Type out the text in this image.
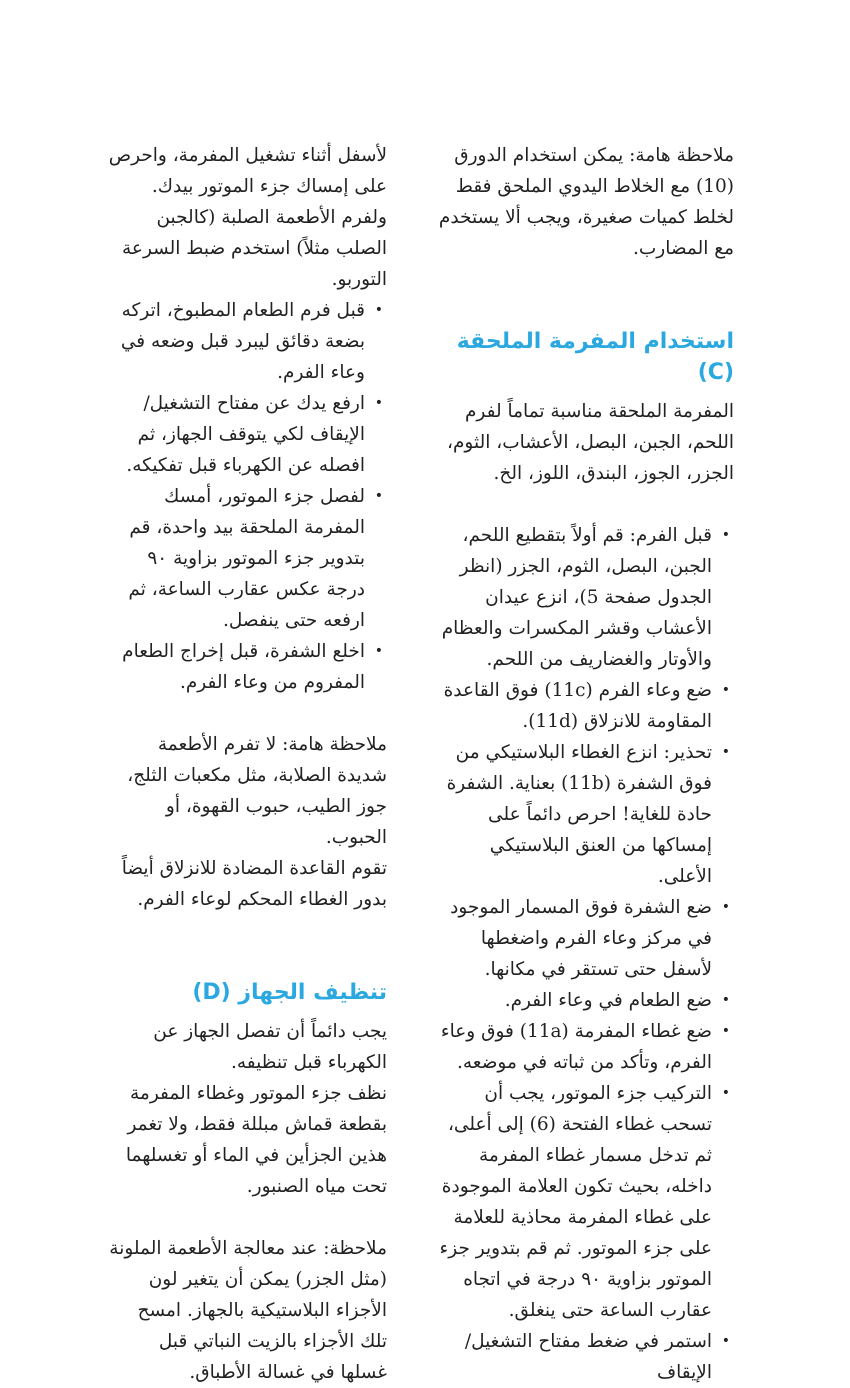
ملاحظة هامة: يمكن استخدام الدورق (10) مع الخلاط اليدوي الملحق فقط لخلط كميات صغيرة، ويجب ألا يستخدم مع المضارب.

استخدام المفرمة الملحقة (C)

المفرمة الملحقة مناسبة تماماً لفرم اللحم، الجبن، البصل، الأعشاب، الثوم، الجزر، الجوز، البندق، اللوز، الخ.

•
قبل الفرم: قم أولاً بتقطيع اللحم، الجبن، البصل، الثوم، الجزر (انظر الجدول صفحة 5)، انزع عيدان الأعشاب وقشر المكسرات والعظام والأوتار والغضاريف من اللحم.
•
ضع وعاء الفرم (11c) فوق القاعدة المقاومة للانزلاق (11d).
•
تحذير: انزع الغطاء البلاستيكي من فوق الشفرة (11b) بعناية. الشفرة حادة للغاية! احرص دائماً على إمساكها من العنق البلاستيكي الأعلى.
•
ضع الشفرة فوق المسمار الموجود في مركز وعاء الفرم واضغطها لأسفل حتى تستقر في مكانها.
•
ضع الطعام في وعاء الفرم.
•
ضع غطاء المفرمة (11a) فوق وعاء الفرم، وتأكد من ثباته في موضعه.
•
التركيب جزء الموتور، يجب أن تسحب غطاء الفتحة (6) إلى أعلى، ثم تدخل مسمار غطاء المفرمة داخله، بحيث تكون العلامة الموجودة على غطاء المفرمة محاذية للعلامة على جزء الموتور. ثم قم بتدوير جزء الموتور بزاوية ٩٠ درجة في اتجاه عقارب الساعة حتى ينغلق.
•
استمر في ضغط مفتاح التشغيل/الإيقاف

لأسفل أثناء تشغيل المفرمة، واحرص على إمساك جزء الموتور بيدك. ولفرم الأطعمة الصلبة (كالجبن الصلب مثلاً) استخدم ضبط السرعة التوربو.

•
قبل فرم الطعام المطبوخ، اتركه بضعة دقائق ليبرد قبل وضعه في وعاء الفرم.
•
ارفع يدك عن مفتاح التشغيل/الإيقاف لكي يتوقف الجهاز، ثم افصله عن الكهرباء قبل تفكيكه.
•
لفصل جزء الموتور، أمسك المفرمة الملحقة بيد واحدة، قم بتدوير جزء الموتور بزاوية ٩٠ درجة عكس عقارب الساعة، ثم ارفعه حتى ينفصل.
•
اخلع الشفرة، قبل إخراج الطعام المفروم من وعاء الفرم.

ملاحظة هامة: لا تفرم الأطعمة شديدة الصلابة، مثل مكعبات الثلج، جوز الطيب، حبوب القهوة، أو الحبوب.

تقوم القاعدة المضادة للانزلاق أيضاً بدور الغطاء المحكم لوعاء الفرم.

تنظيف الجهاز (D)

يجب دائماً أن تفصل الجهاز عن الكهرباء قبل تنظيفه.

نظف جزء الموتور وغطاء المفرمة بقطعة قماش مبللة فقط، ولا تغمر هذين الجزأين في الماء أو تغسلهما تحت مياه الصنبور.

ملاحظة: عند معالجة الأطعمة الملونة (مثل الجزر) يمكن أن يتغير لون الأجزاء البلاستيكية بالجهاز. امسح تلك الأجزاء بالزيت النباتي قبل غسلها في غسالة الأطباق.
